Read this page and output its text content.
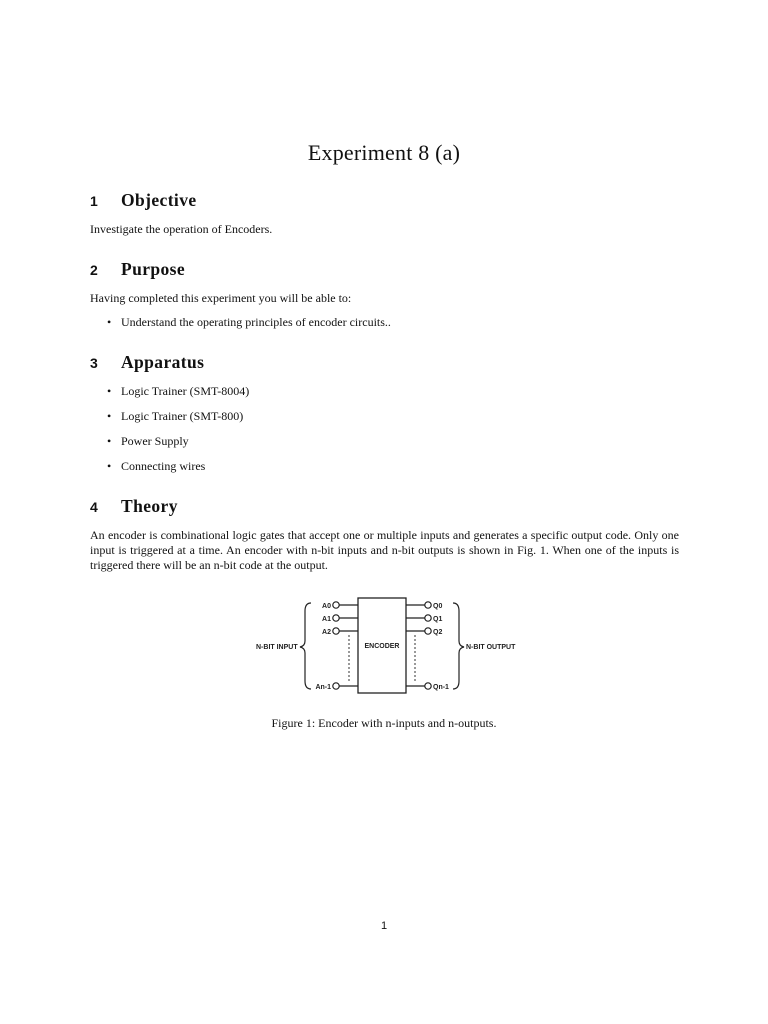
Experiment 8 (a)
1	Objective
Investigate the operation of Encoders.
2	Purpose
Having completed this experiment you will be able to:
• Understand the operating principles of encoder circuits..
3	Apparatus
• Logic Trainer (SMT-8004)
• Logic Trainer (SMT-800)
• Power Supply
• Connecting wires
4	Theory
An encoder is combinational logic gates that accept one or multiple inputs and generates a specific output code. Only one input is triggered at a time. An encoder with n-bit inputs and n-bit outputs is shown in Fig. 1. When one of the inputs is triggered there will be an n-bit code at the output.
ENCODER
A0
A1
A2
An-1
Q0
Q1
Q2
Qn-1
N-BIT INPUT	N-BIT OUTPUT
Figure 1: Encoder with n-inputs and n-outputs.
1
